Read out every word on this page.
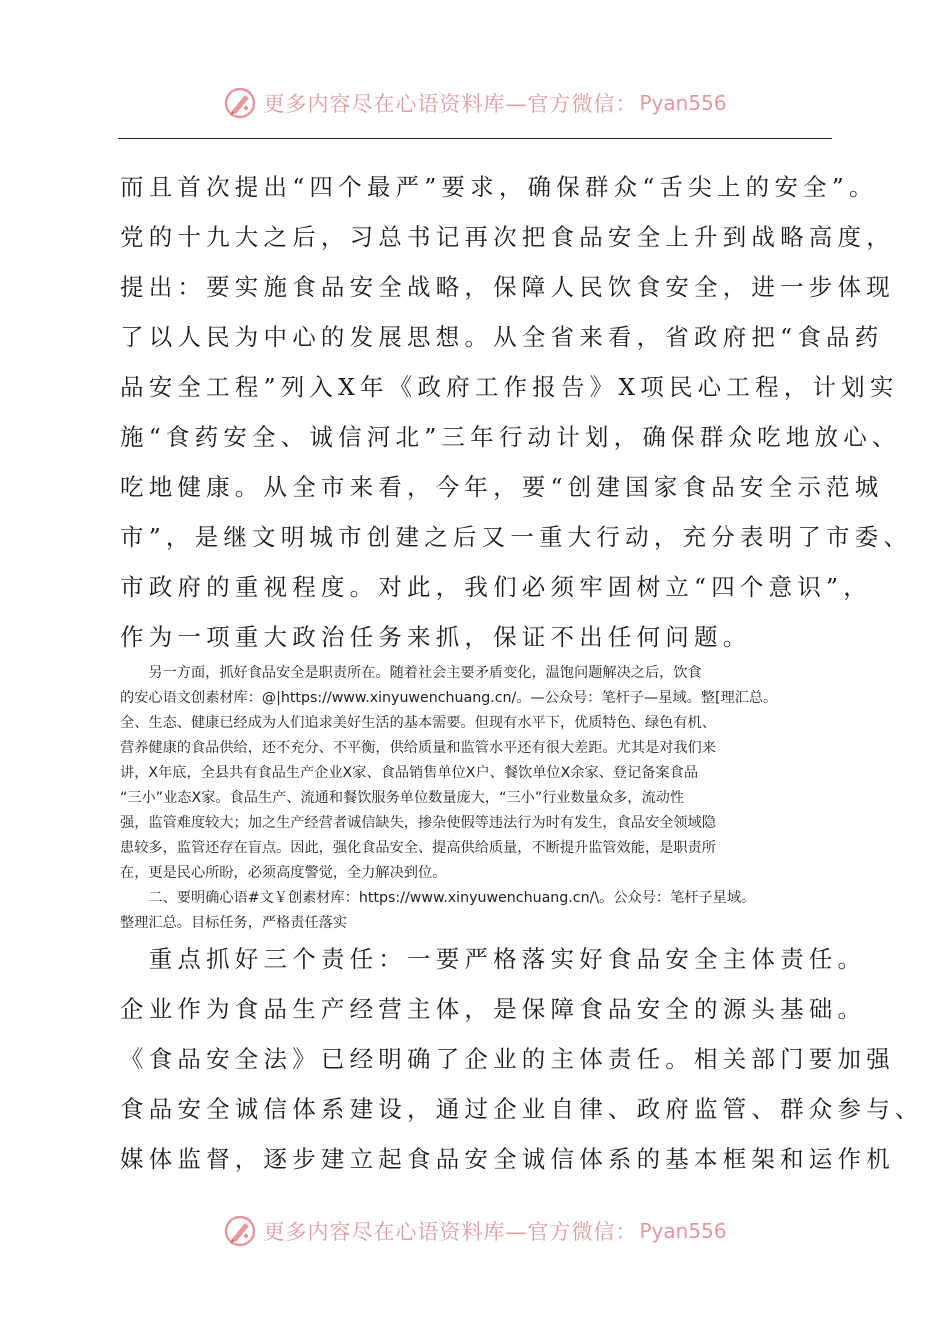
更多内容尽在心语资料库—官方微信： Pyan556
而且首次提出“四个最严”要求，确保群众“舌尖上的安全”。
党的十九大之后，习总书记再次把食品安全上升到战略高度，
提出：要实施食品安全战略，保障人民饮食安全，进一步体现
了以人民为中心的发展思想。从全省来看，省政府把“食品药
品安全工程”列入X年《政府工作报告》X项民心工程，计划实
施“食药安全、诚信河北”三年行动计划，确保群众吃地放心、
吃地健康。从全市来看，今年，要“创建国家食品安全示范城
市”，是继文明城市创建之后又一重大行动，充分表明了市委、
市政府的重视程度。对此，我们必须牢固树立“四个意识”，
作为一项重大政治任务来抓，保证不出任何问题。
　　另一方面，抓好食品安全是职责所在。随着社会主要矛盾变化，温饱问题解决之后，饮食
的安心语文创素材库：@|https://www.xinyuwenchuang.cn/。—公众号：笔杆子—星域。整[理汇总。
全、生态、健康已经成为人们追求美好生活的基本需要。但现有水平下，优质特色、绿色有机、
营养健康的食品供给，还不充分、不平衡，供给质量和监管水平还有很大差距。尤其是对我们来
讲，X年底，全县共有食品生产企业X家、食品销售单位X户、餐饮单位X余家、登记备案食品
“三小”业态X家。食品生产、流通和餐饮服务单位数量庞大，“三小”行业数量众多，流动性
强，监管难度较大；加之生产经营者诚信缺失，掺杂使假等违法行为时有发生，食品安全领域隐
患较多，监管还存在盲点。因此，强化食品安全、提高供给质量，不断提升监管效能，是职责所
在，更是民心所盼，必须高度警觉，全力解决到位。
　　二、要明确心语#文￥创素材库：https://www.xinyuwenchuang.cn/\。公众号：笔杆子星域。
整理汇总。目标任务，严格责任落实
　重点抓好三个责任：一要严格落实好食品安全主体责任。
企业作为食品生产经营主体，是保障食品安全的源头基础。
《食品安全法》已经明确了企业的主体责任。相关部门要加强
食品安全诚信体系建设，通过企业自律、政府监管、群众参与、
媒体监督，逐步建立起食品安全诚信体系的基本框架和运作机
更多内容尽在心语资料库—官方微信： Pyan556
